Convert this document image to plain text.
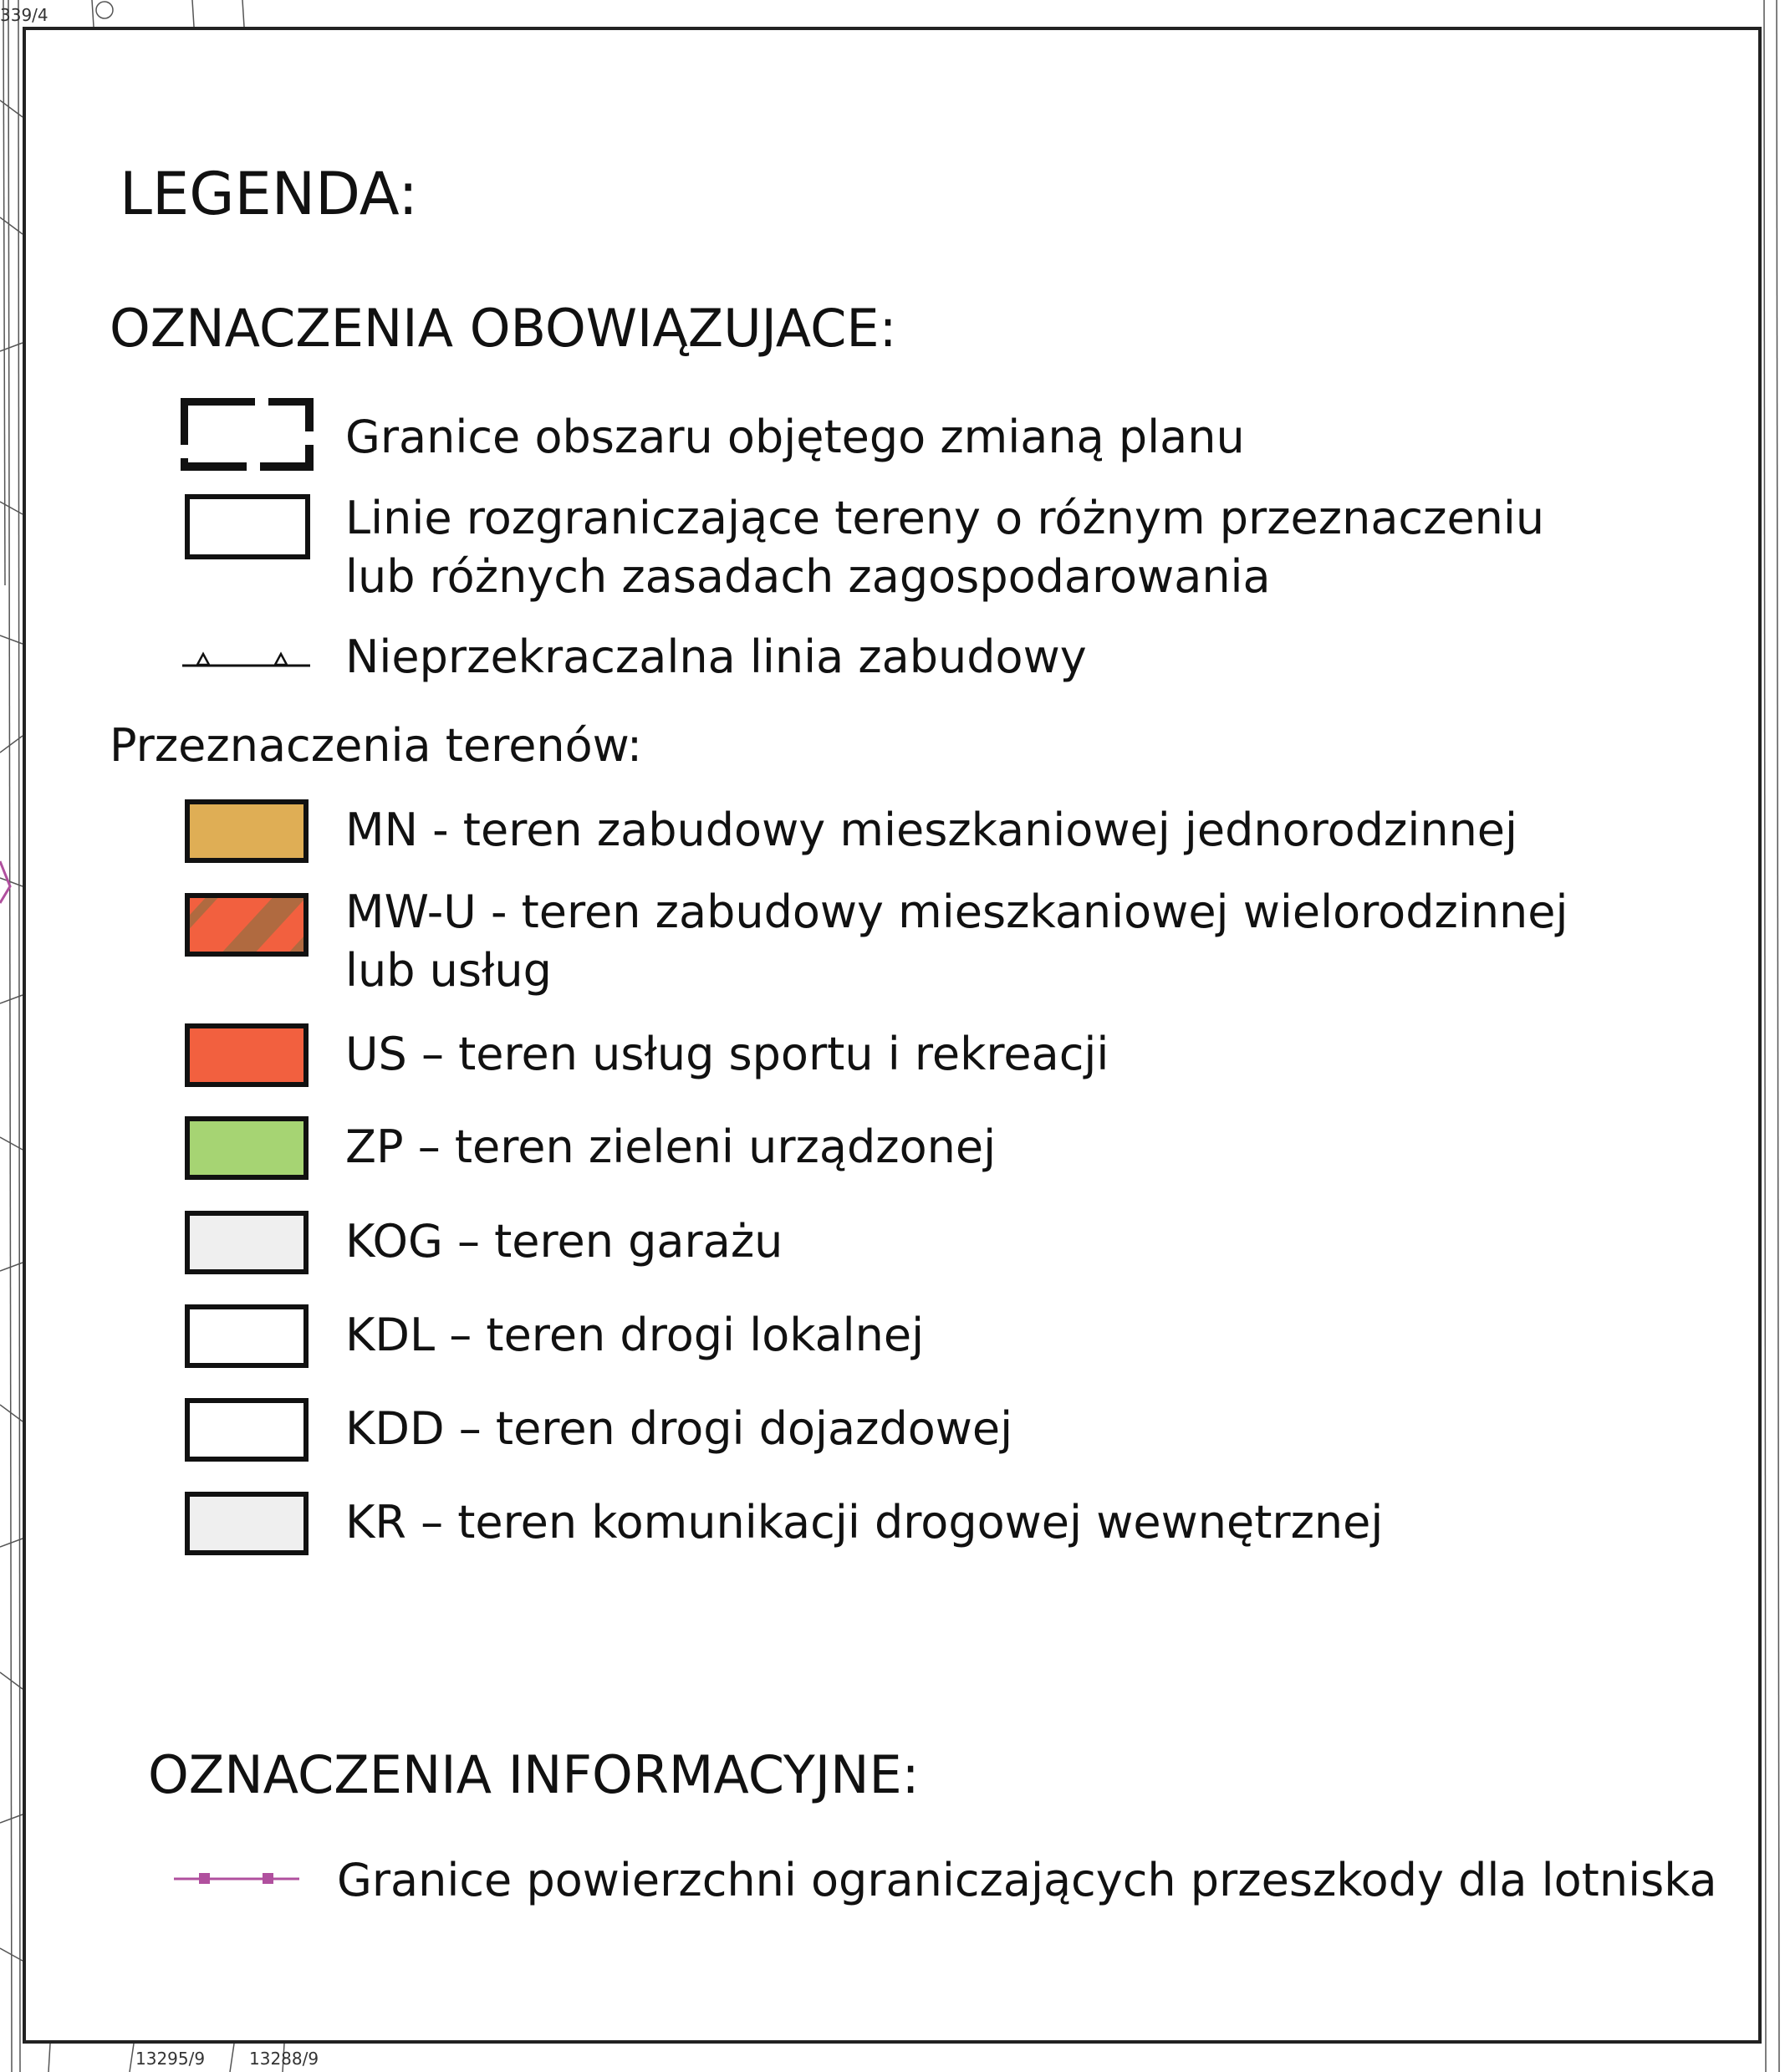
339/4
13295/9	13288/9
LEGENDA:
OZNACZENIA OBOWIĄZUJACE:
Granice obszaru objętego zmianą planu
Linie rozgraniczające tereny o różnym przeznaczeniu
lub różnych zasadach zagospodarowania
Nieprzekraczalna linia zabudowy
Przeznaczenia terenów:
MN - teren zabudowy mieszkaniowej jednorodzinnej
MW-U - teren zabudowy mieszkaniowej wielorodzinnej
lub usług
US – teren usług sportu i rekreacji
ZP – teren zieleni urządzonej
KOG – teren garażu
KDL – teren drogi lokalnej
KDD – teren drogi dojazdowej
KR – teren komunikacji drogowej wewnętrznej
OZNACZENIA INFORMACYJNE:
Granice powierzchni ograniczających przeszkody dla lotniska
